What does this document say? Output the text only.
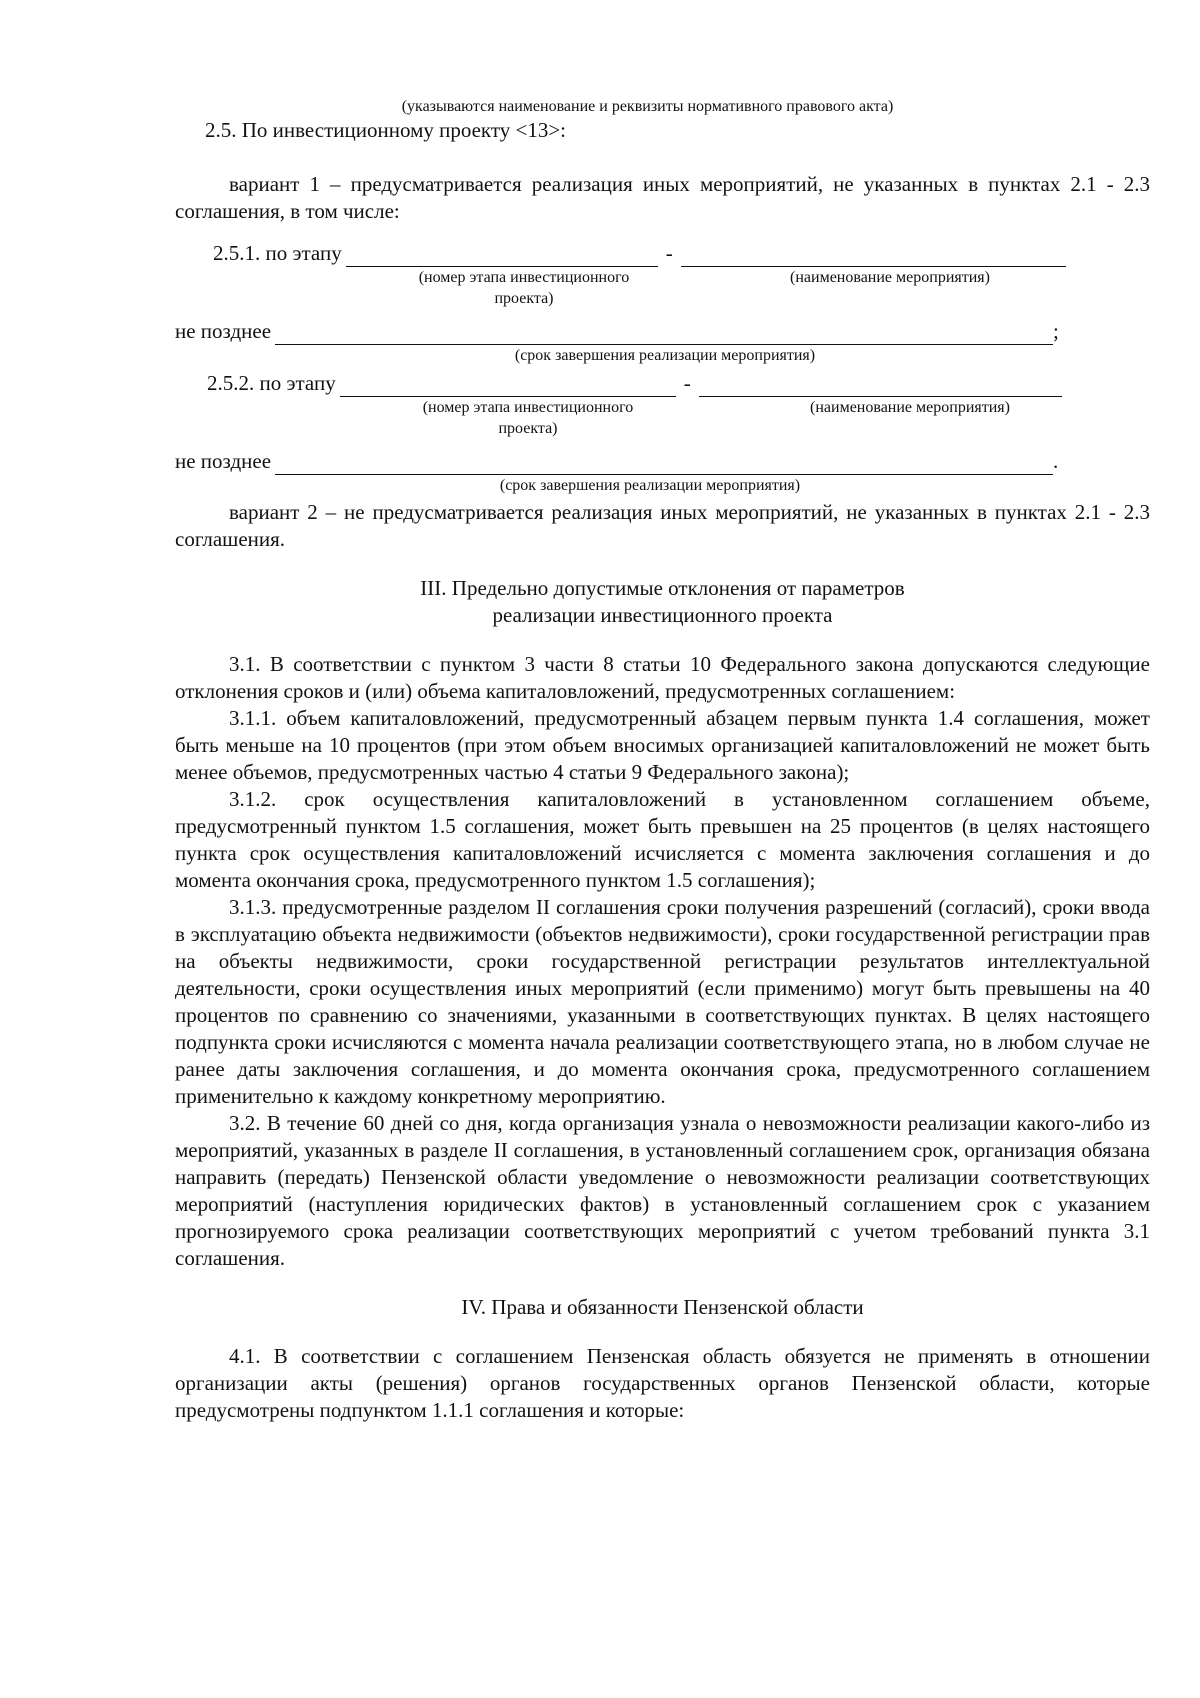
(указываются наименование и реквизиты нормативного правового акта)

2.5. По инвестиционному проекту <13>:

вариант 1 – предусматривается реализация иных мероприятий, не указанных в пунктах 2.1 - 2.3 соглашения, в том числе:

2.5.1. по этапу	-
(номер этапа инвестиционного проекта)
(наименование мероприятия)
не позднее	;
(срок завершения реализации мероприятия)
2.5.2. по этапу	-
(номер этапа инвестиционного проекта)
(наименование мероприятия)
не позднее	.
(срок завершения реализации мероприятия)

вариант 2 – не предусматривается реализация иных мероприятий, не указанных в пунктах 2.1 - 2.3 соглашения.

III. Предельно допустимые отклонения от параметров

реализации инвестиционного проекта

3.1. В соответствии с пунктом 3 части 8 статьи 10 Федерального закона допускаются следующие отклонения сроков и (или) объема капиталовложений, предусмотренных соглашением:

3.1.1. объем капиталовложений, предусмотренный абзацем первым пункта 1.4 соглашения, может быть меньше на 10 процентов (при этом объем вносимых организацией капиталовложений не может быть менее объемов, предусмотренных частью 4 статьи 9 Федерального закона);

3.1.2. срок осуществления капиталовложений в установленном соглашением объеме, предусмотренный пунктом 1.5 соглашения, может быть превышен на 25 процентов (в целях настоящего пункта срок осуществления капиталовложений исчисляется с момента заключения соглашения и до момента окончания срока, предусмотренного пунктом 1.5 соглашения);

3.1.3. предусмотренные разделом II соглашения сроки получения разрешений (согласий), сроки ввода в эксплуатацию объекта недвижимости (объектов недвижимости), сроки государственной регистрации прав на объекты недвижимости, сроки государственной регистрации результатов интеллектуальной деятельности, сроки осуществления иных мероприятий (если применимо) могут быть превышены на 40 процентов по сравнению со значениями, указанными в соответствующих пунктах. В целях настоящего подпункта сроки исчисляются с момента начала реализации соответствующего этапа, но в любом случае не ранее даты заключения соглашения, и до момента окончания срока, предусмотренного соглашением применительно к каждому конкретному мероприятию.

3.2. В течение 60 дней со дня, когда организация узнала о невозможности реализации какого-либо из мероприятий, указанных в разделе II соглашения, в установленный соглашением срок, организация обязана направить (передать) Пензенской области уведомление о невозможности реализации соответствующих мероприятий (наступления юридических фактов) в установленный соглашением срок с указанием прогнозируемого срока реализации соответствующих мероприятий с учетом требований пункта 3.1 соглашения.

IV. Права и обязанности Пензенской области

4.1. В соответствии с соглашением Пензенская область обязуется не применять в отношении организации акты (решения) органов государственных органов Пензенской области, которые предусмотрены подпунктом 1.1.1 соглашения и которые:
